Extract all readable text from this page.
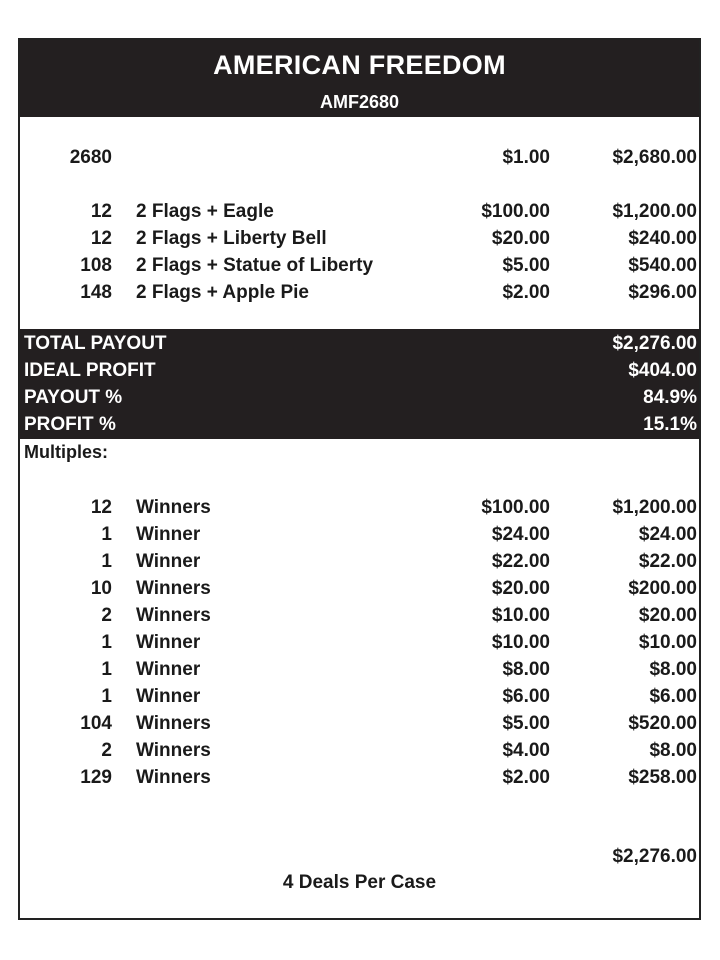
AMERICAN FREEDOM
AMF2680
2680	$1.00	$2,680.00
12 2 Flags + Eagle	$100.00	$1,200.00
12 2 Flags + Liberty Bell	$20.00	$240.00
108 2 Flags + Statue of Liberty	$5.00	$540.00
148 2 Flags + Apple Pie	$2.00	$296.00
TOTAL PAYOUT	$2,276.00
IDEAL PROFIT	$404.00
PAYOUT %	84.9%
PROFIT %	15.1%
Multiples:
12 Winners	$100.00	$1,200.00
1 Winner	$24.00	$24.00
1 Winner	$22.00	$22.00
10 Winners	$20.00	$200.00
2 Winners	$10.00	$20.00
1 Winner	$10.00	$10.00
1 Winner	$8.00	$8.00
1 Winner	$6.00	$6.00
104 Winners	$5.00	$520.00
2 Winners	$4.00	$8.00
129 Winners	$2.00	$258.00
$2,276.00
4 Deals Per Case
